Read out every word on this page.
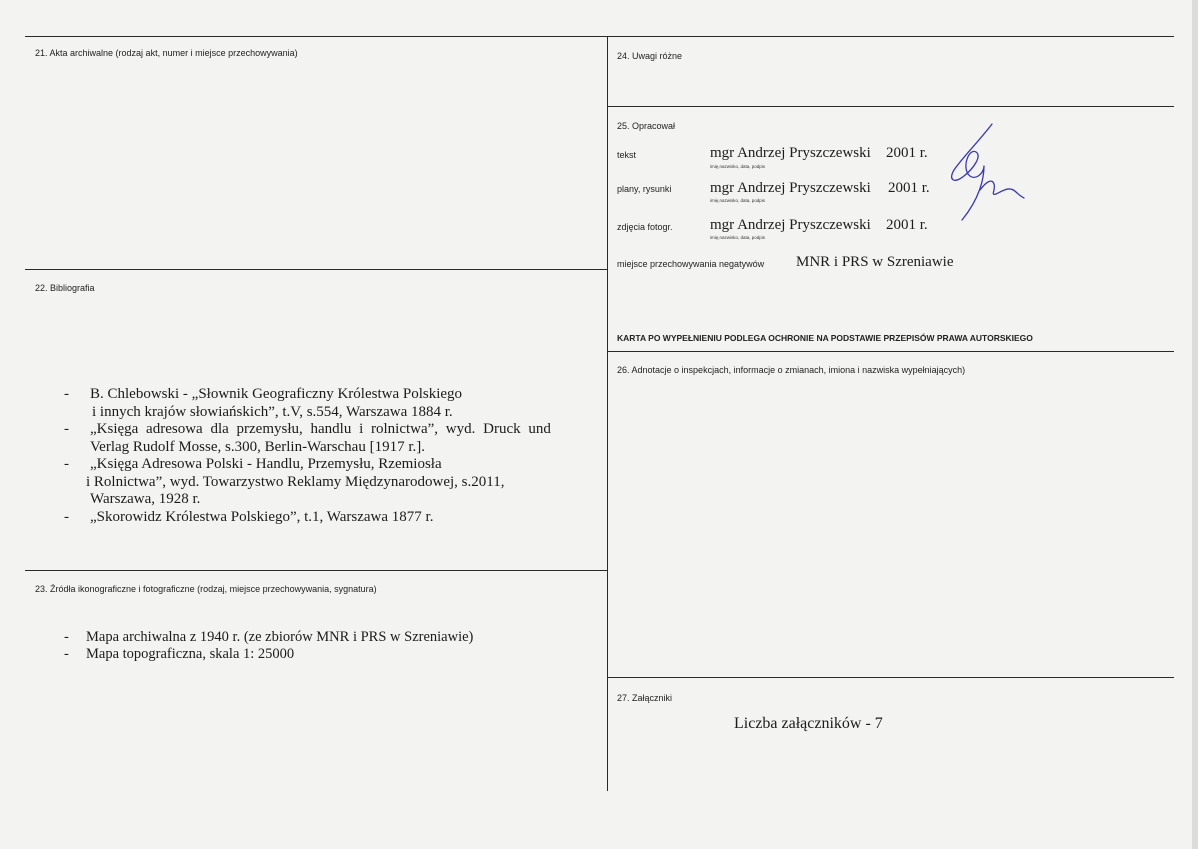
21. Akta archiwalne (rodzaj akt, numer i miejsce przechowywania)
22. Bibliografia
- B. Chlebowski - „Słownik Geograficzny Królestwa Polskiego
i innych krajów słowiańskich”, t.V, s.554, Warszawa 1884 r.
- „Księga adresowa dla przemysłu, handlu i rolnictwa”, wyd. Druck und
Verlag Rudolf Mosse, s.300, Berlin-Warschau [1917 r.].
- „Księga Adresowa Polski - Handlu, Przemysłu, Rzemiosła
i Rolnictwa”, wyd. Towarzystwo Reklamy Międzynarodowej, s.2011,
Warszawa, 1928 r.
- „Skorowidz Królestwa Polskiego”, t.1, Warszawa 1877 r.
23. Źródła ikonograficzne i fotograficzne (rodzaj, miejsce przechowywania, sygnatura)
- Mapa archiwalna z 1940 r. (ze zbiorów MNR i PRS w Szreniawie)
- Mapa topograficzna, skala 1: 25000
24. Uwagi różne
25. Opracował
tekst	mgr Andrzej Pryszczewski 2001 r.
imię,nazwisko, data, podpis
plany, rysunki	mgr Andrzej Pryszczewski 2001 r.
imię,nazwisko, data, podpis
zdjęcia fotogr. mgr Andrzej Pryszczewski 2001 r.
imię,nazwisko, data, podpis
miejsce przechowywania negatywów MNR i PRS w Szreniawie
KARTA PO WYPEŁNIENIU PODLEGA OCHRONIE NA PODSTAWIE PRZEPISÓW PRAWA AUTORSKIEGO
26. Adnotacje o inspekcjach, informacje o zmianach, imiona i nazwiska wypełniających)
27. Załączniki
Liczba załączników - 7
